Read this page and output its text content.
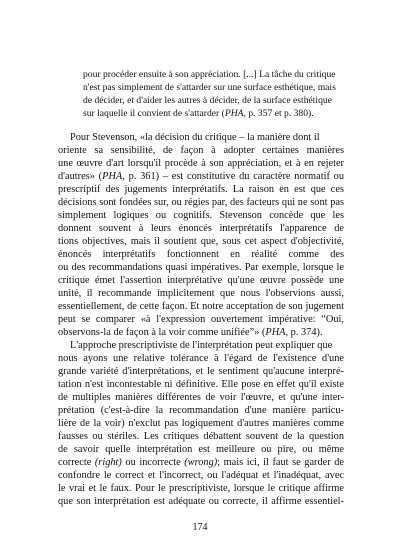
pour procéder ensuite à son appréciation. [...] La tâche du critique
n'est pas simplement de s'attarder sur une surface esthétique, mais
de décider, et d'aider les autres à décider, de la surface esthétique
sur laquelle il convient de s'attarder (PHA, p. 357 et p. 380).
Pour Stevenson, «la décision du critique – la manière dont il
oriente sa sensibilité, de façon à adopter certaines manières
une œuvre d'art lorsqu'il procède à son appréciation, et à en rejeter
d'autres» (PHA, p. 361) – est constitutive du caractère normatif ou
prescriptif des jugements interprétatifs. La raison en est que ces
décisions sont fondées sur, ou régies par, des facteurs qui ne sont pas
simplement logiques ou cognitifs. Stevenson concède que les
donnent souvent à leurs énoncés interprétatifs l'apparence de
tions objectives, mais il soutient que, sous cet aspect d'objectivité,
énoncés interprétatifs fonctionnent en réalité comme des
ou des recommandations quasi impératives. Par exemple, lorsque le
critique émet l'assertion interprétative qu'une œuvre possède une
unité, il recommande implicitement que nous l'observions aussi,
essentiellement, de cette façon. Et notre acceptation de son jugement
peut se comparer «à l'expression ouvertement impérative: “Oui,
observons-la de façon à la voir comme unifiée”» (PHA, p. 374).
L'approche prescriptiviste de l'interprétation peut expliquer que
nous ayons une relative tolérance à l'égard de l'existence d'une
grande variété d'interprétations, et le sentiment qu'aucune interpré-
tation n'est incontestable ni définitive. Elle pose en effet qu'il existe
de multiples manières différentes de voir l'œuvre, et qu'une inter-
prétation (c'est-à-dire la recommandation d'une manière particu-
lière de la voir) n'exclut pas logiquement d'autres manières comme
fausses ou stériles. Les critiques débattent souvent de la question
de savoir quelle interprétation est meilleure ou pire, ou même
correcte (right) ou incorrecte (wrong); mais ici, il faut se garder de
confondre le correct et l'incorrect, ou l'adéquat et l'inadéquat, avec
le vrai et le faux. Pour le prescriptiviste, lorsque le critique affirme
que son interprétation est adéquate ou correcte, il affirme essentiel-
174
